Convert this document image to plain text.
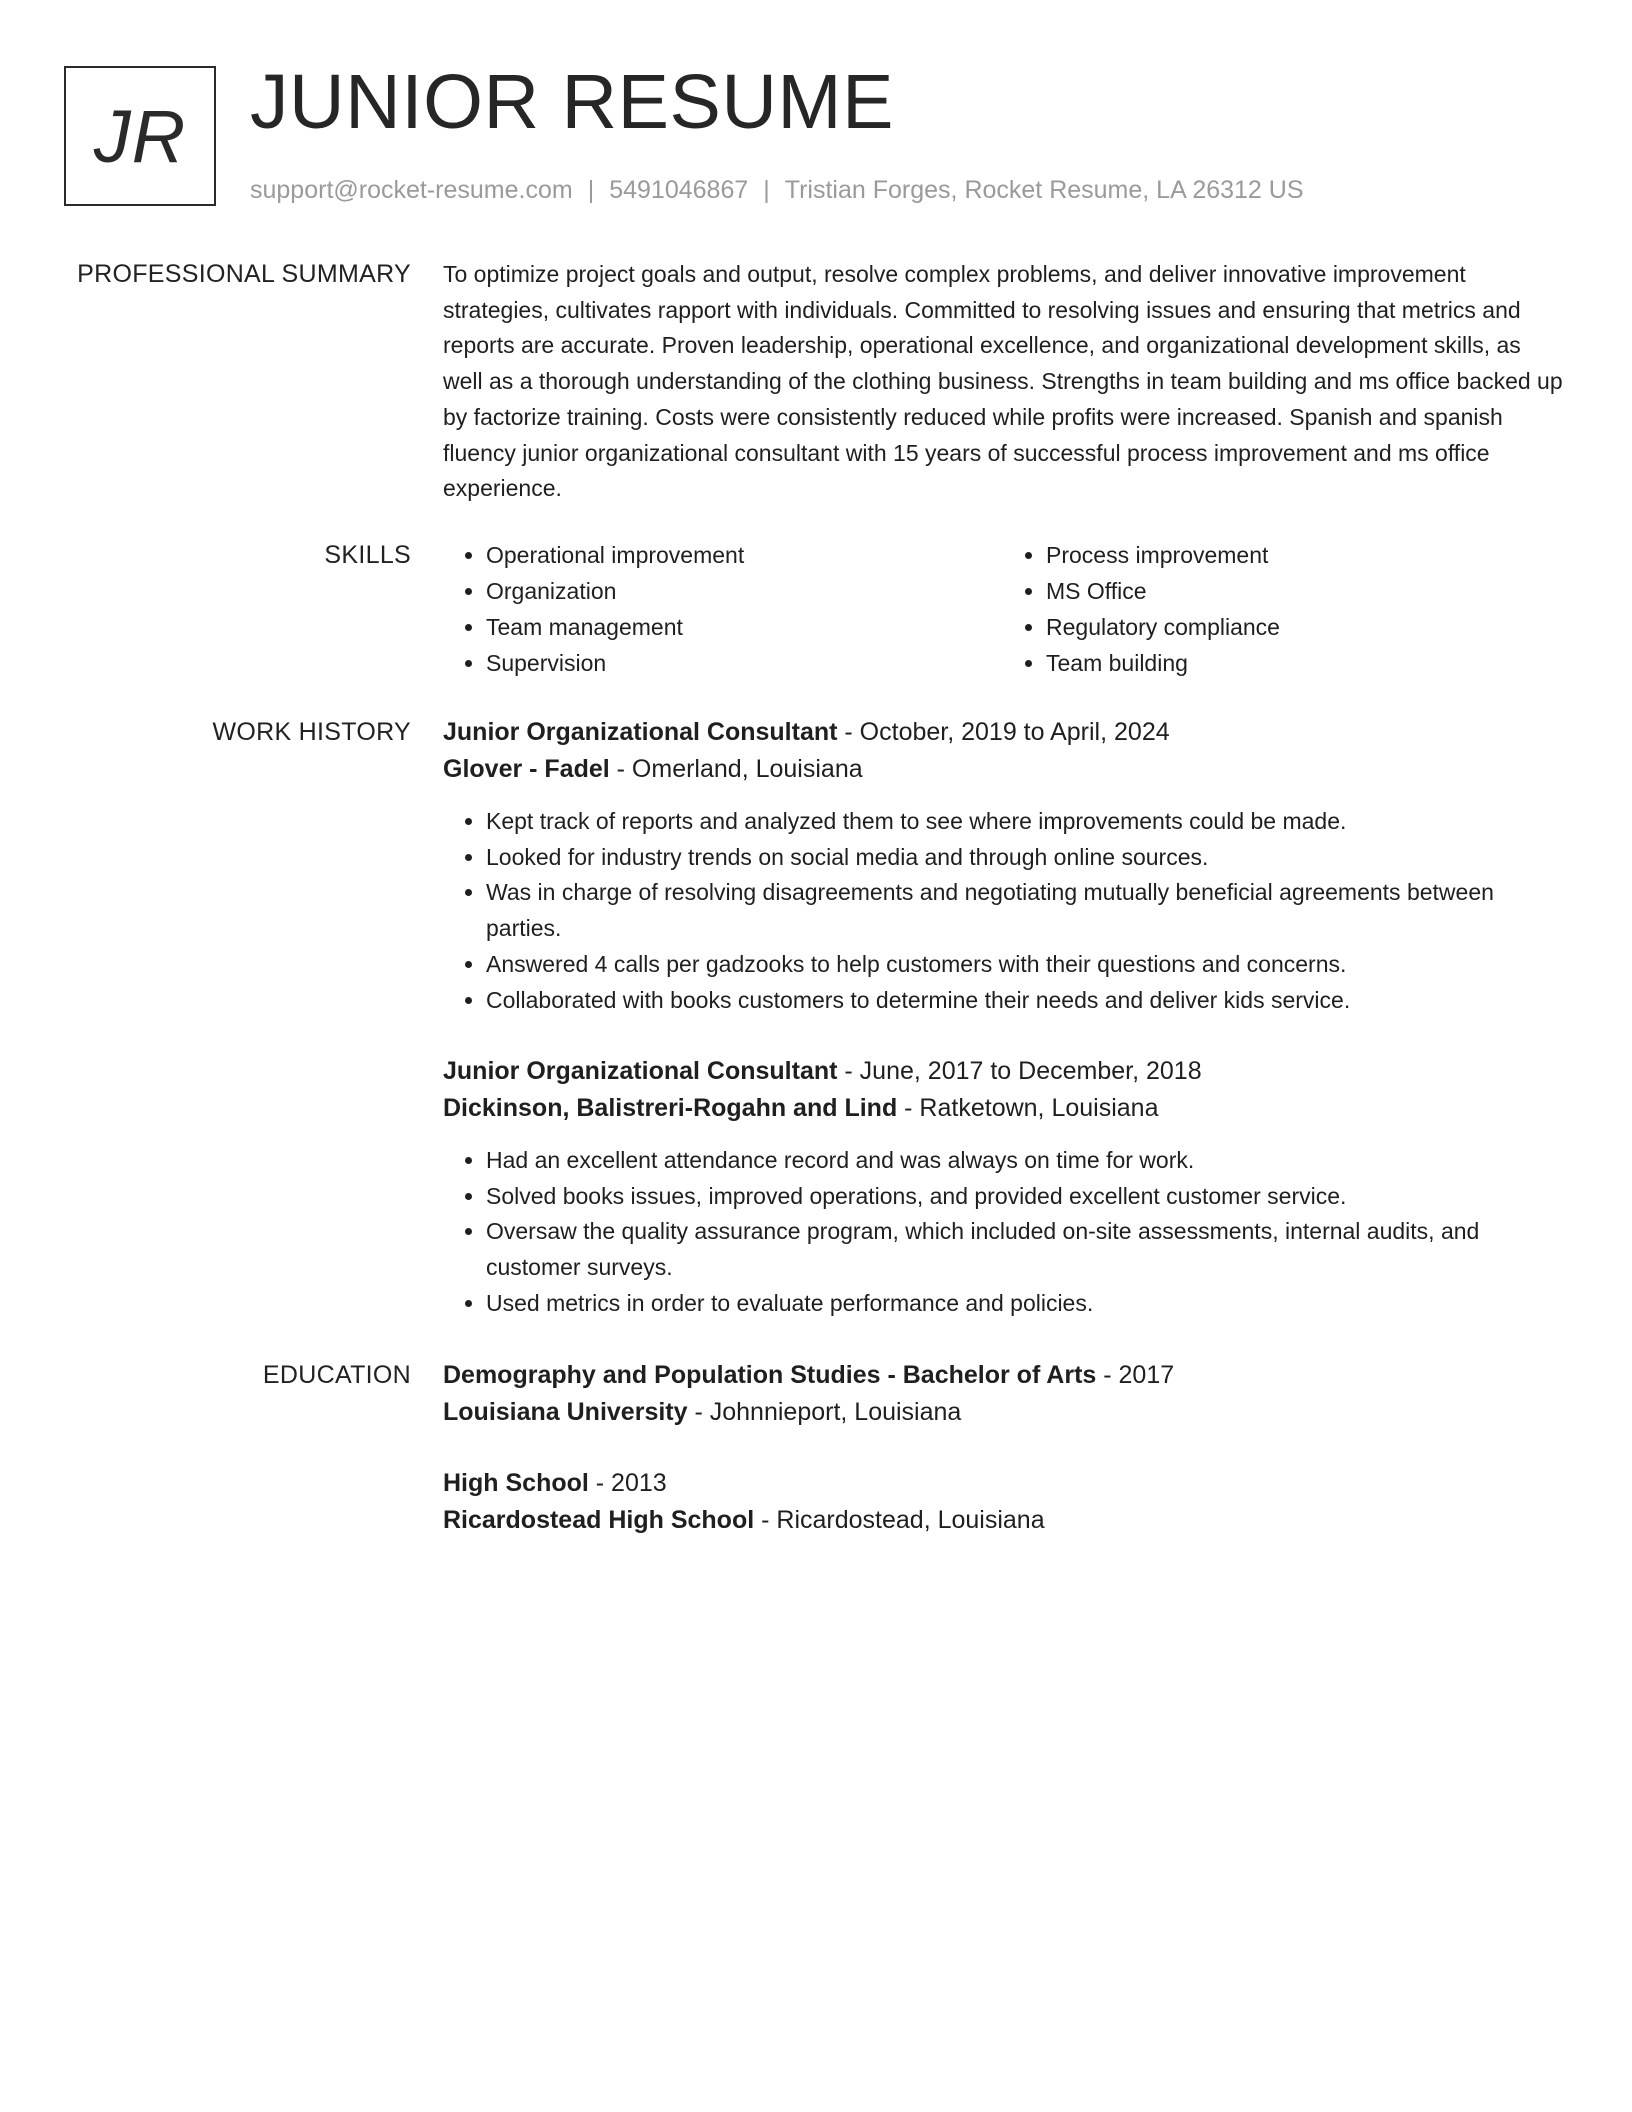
JR JUNIOR RESUME
support@rocket-resume.com | 5491046867 | Tristian Forges, Rocket Resume, LA 26312 US
PROFESSIONAL SUMMARY To optimize project goals and output, resolve complex problems, and deliver innovative improvement strategies, cultivates rapport with individuals. Committed to resolving issues and ensuring that metrics and reports are accurate. Proven leadership, operational excellence, and organizational development skills, as well as a thorough understanding of the clothing business. Strengths in team building and ms office backed up by factorize training. Costs were consistently reduced while profits were increased. Spanish and spanish fluency junior organizational consultant with 15 years of successful process improvement and ms office experience.

SKILLS
•	Operational improvement
• Organization
• Team management
• Supervision
• Process improvement
• MS Office
• Regulatory compliance
• Team building
WORK HISTORY Junior Organizational Consultant - October, 2019 to April, 2024
Glover - Fadel - Omerland, Louisiana
• Kept track of reports and analyzed them to see where improvements could be made.
• Looked for industry trends on social media and through online sources.
• Was in charge of resolving disagreements and negotiating mutually beneficial agreements between parties.
• Answered 4 calls per gadzooks to help customers with their questions and concerns.
• Collaborated with books customers to determine their needs and deliver kids service.
Junior Organizational Consultant - June, 2017 to December, 2018
Dickinson, Balistreri-Rogahn and Lind - Ratketown, Louisiana
• Had an excellent attendance record and was always on time for work.
• Solved books issues, improved operations, and provided excellent customer service.
• Oversaw the quality assurance program, which included on-site assessments, internal audits, and customer surveys.
• Used metrics in order to evaluate performance and policies.
EDUCATION Demography and Population Studies - Bachelor of Arts - 2017
Louisiana University - Johnnieport, Louisiana
High School - 2013
Ricardostead High School - Ricardostead, Louisiana
